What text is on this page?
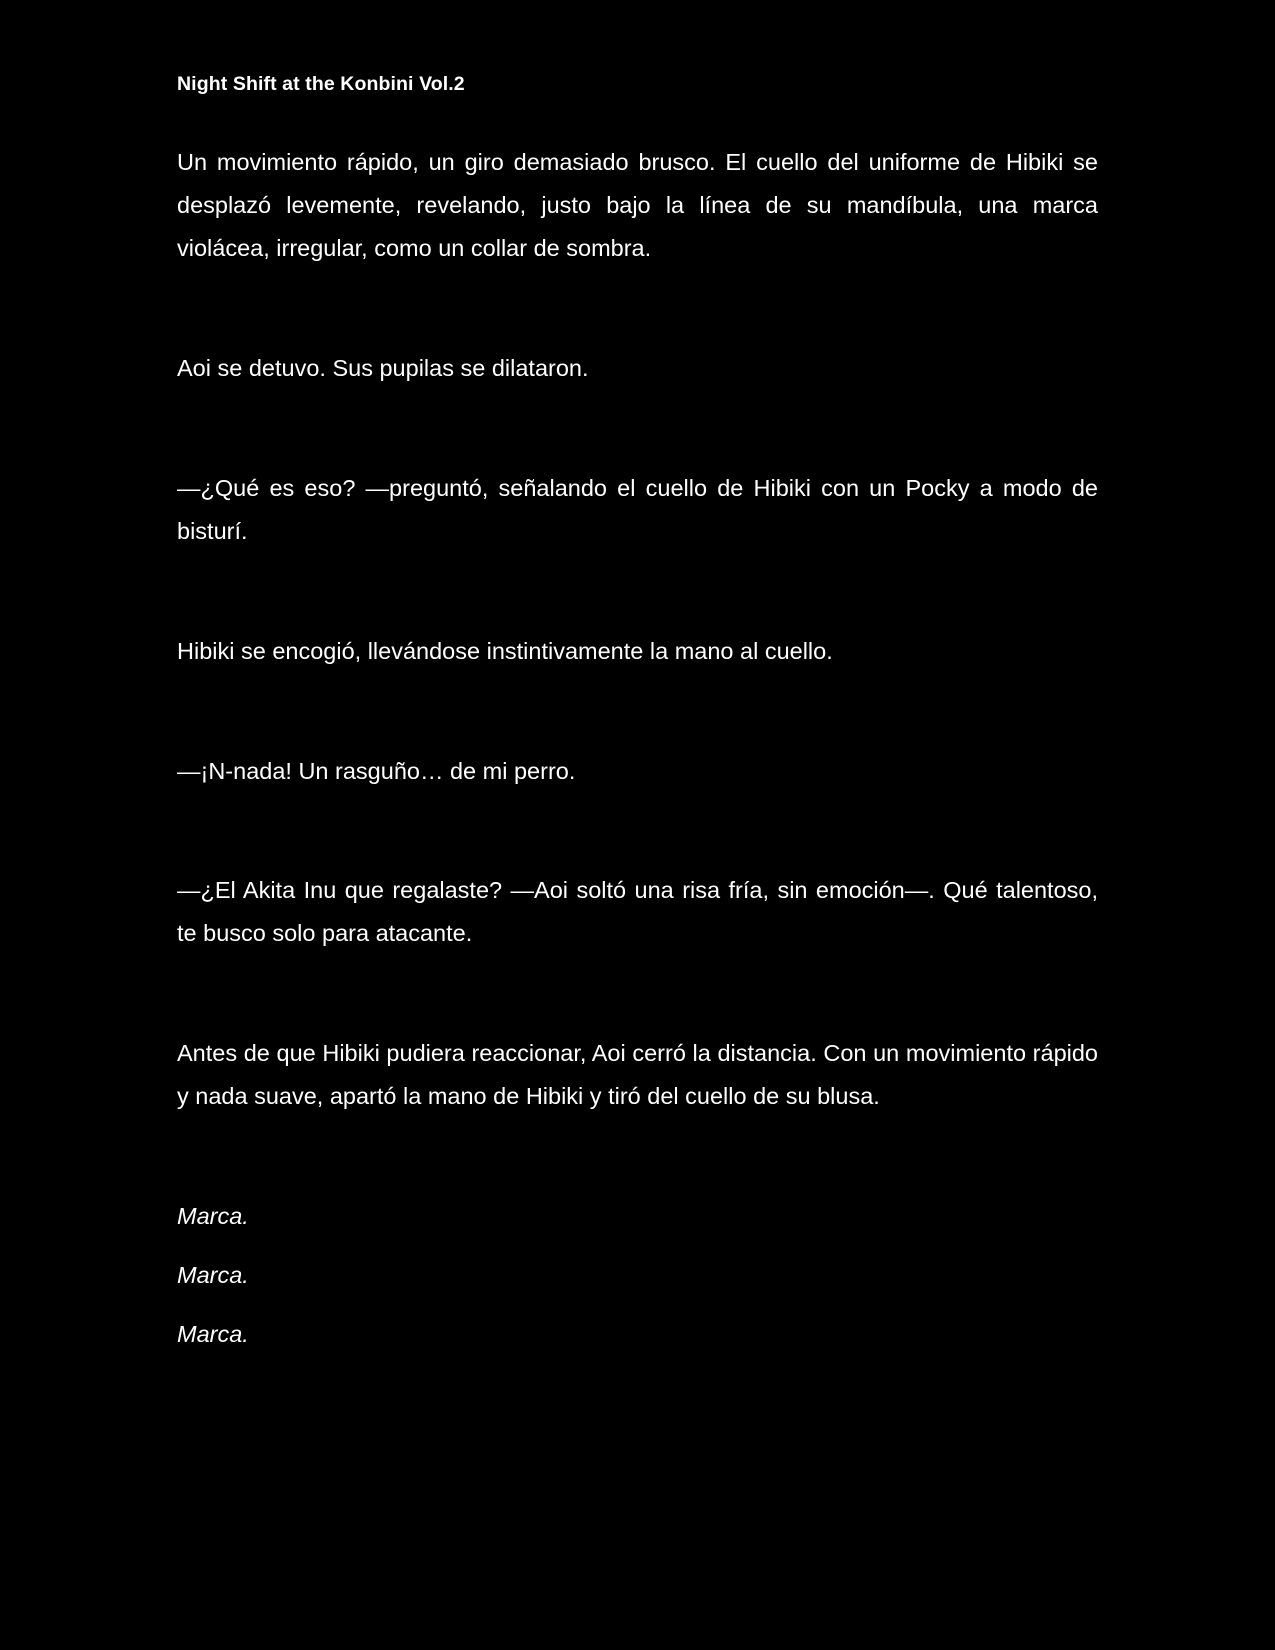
Night Shift at the Konbini Vol.2

Un movimiento rápido, un giro demasiado brusco. El cuello del uniforme de Hibiki se desplazó levemente, revelando, justo bajo la línea de su mandíbula, una marca violácea, irregular, como un collar de sombra.

Aoi se detuvo. Sus pupilas se dilataron.

—¿Qué es eso? —preguntó, señalando el cuello de Hibiki con un Pocky a modo de bisturí.

Hibiki se encogió, llevándose instintivamente la mano al cuello.

—¡N-nada! Un rasguño… de mi perro.

—¿El Akita Inu que regalaste? —Aoi soltó una risa fría, sin emoción—. Qué talentoso, te busco solo para atacante.

Antes de que Hibiki pudiera reaccionar, Aoi cerró la distancia. Con un movimiento rápido y nada suave, apartó la mano de Hibiki y tiró del cuello de su blusa.

Marca.

Marca.

Marca.
